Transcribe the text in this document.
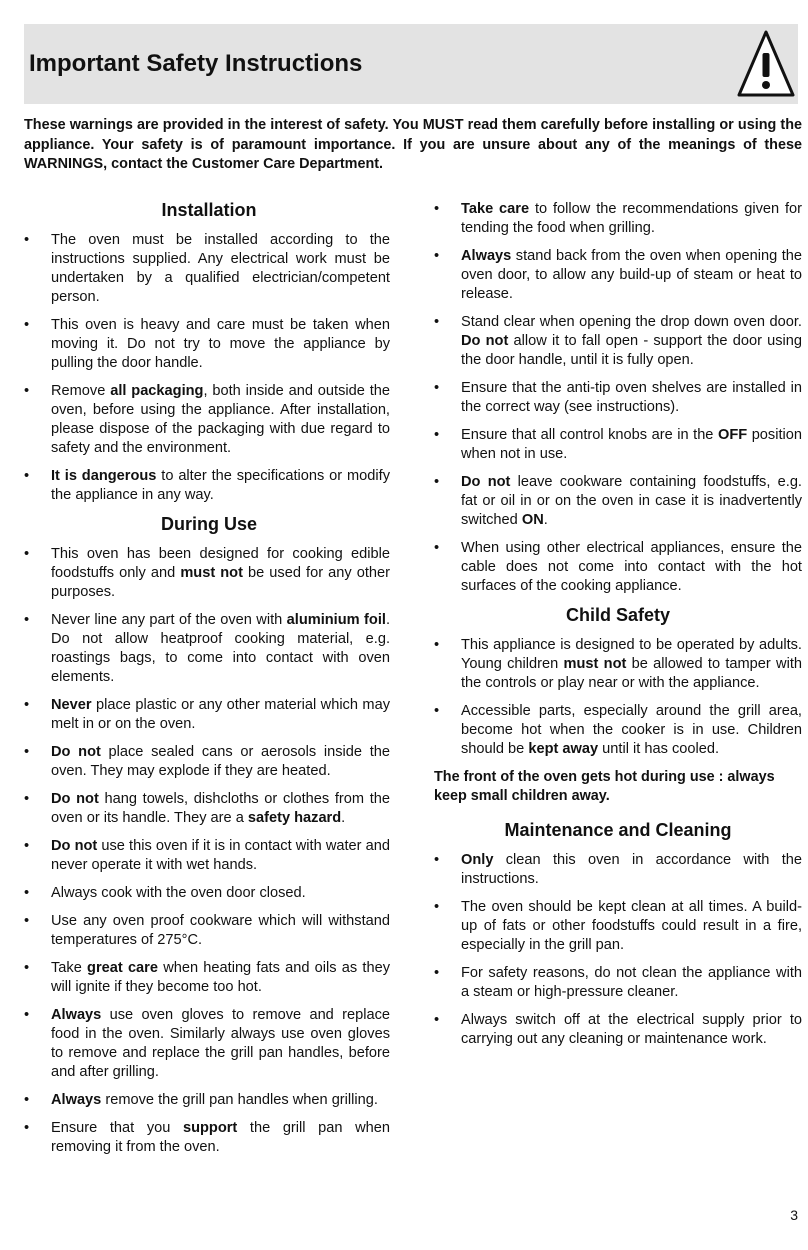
Important Safety Instructions

These warnings are provided in the interest of safety. You MUST read them carefully before installing or using the appliance. Your safety is of paramount importance. If you are unsure about any of the meanings of these WARNINGS, contact the Customer Care Department.

Installation
• The oven must be installed according to the instructions supplied. Any electrical work must be undertaken by a qualified electrician/competent person.
• This oven is heavy and care must be taken when moving it. Do not try to move the appliance by pulling the door handle.
• Remove all packaging, both inside and outside the oven, before using the appliance. After installation, please dispose of the packaging with due regard to safety and the environment.
• It is dangerous to alter the specifications or modify the appliance in any way.
During Use
• This oven has been designed for cooking edible foodstuffs only and must not be used for any other purposes.
• Never line any part of the oven with aluminium foil. Do not allow heatproof cooking material, e.g. roastings bags, to come into contact with oven elements.
• Never place plastic or any other material which may melt in or on the oven.
• Do not place sealed cans or aerosols inside the oven. They may explode if they are heated.
• Do not hang towels, dishcloths or clothes from the oven or its handle. They are a safety hazard.
• Do not use this oven if it is in contact with water and never operate it with wet hands.
• Always cook with the oven door closed.
• Use any oven proof cookware which will withstand temperatures of 275°C.
• Take great care when heating fats and oils as they will ignite if they become too hot.
• Always use oven gloves to remove and replace food in the oven. Similarly always use oven gloves to remove and replace the grill pan handles, before and after grilling.
• Always remove the grill pan handles when grilling.
• Ensure that you support the grill pan when removing it from the oven.
• Take care to follow the recommendations given for tending the food when grilling.
• Always stand back from the oven when opening the oven door, to allow any build-up of steam or heat to release.
• Stand clear when opening the drop down oven door. Do not allow it to fall open - support the door using the door handle, until it is fully open.
• Ensure that the anti-tip oven shelves are installed in the correct way (see instructions).
• Ensure that all control knobs are in the OFF position when not in use.
• Do not leave cookware containing foodstuffs, e.g. fat or oil in or on the oven in case it is inadvertently switched ON.
• When using other electrical appliances, ensure the cable does not come into contact with the hot surfaces of the cooking appliance.
Child Safety
• This appliance is designed to be operated by adults. Young children must not be allowed to tamper with the controls or play near or with the appliance.
• Accessible parts, especially around the grill area, become hot when the cooker is in use. Children should be kept away until it has cooled.

The front of the oven gets hot during use : always keep small children away.

Maintenance and Cleaning
• Only clean this oven in accordance with the instructions.
• The oven should be kept clean at all times. A build-up of fats or other foodstuffs could result in a fire, especially in the grill pan.
• For safety reasons, do not clean the appliance with a steam or high-pressure cleaner.
• Always switch off at the electrical supply prior to carrying out any cleaning or maintenance work.
3
